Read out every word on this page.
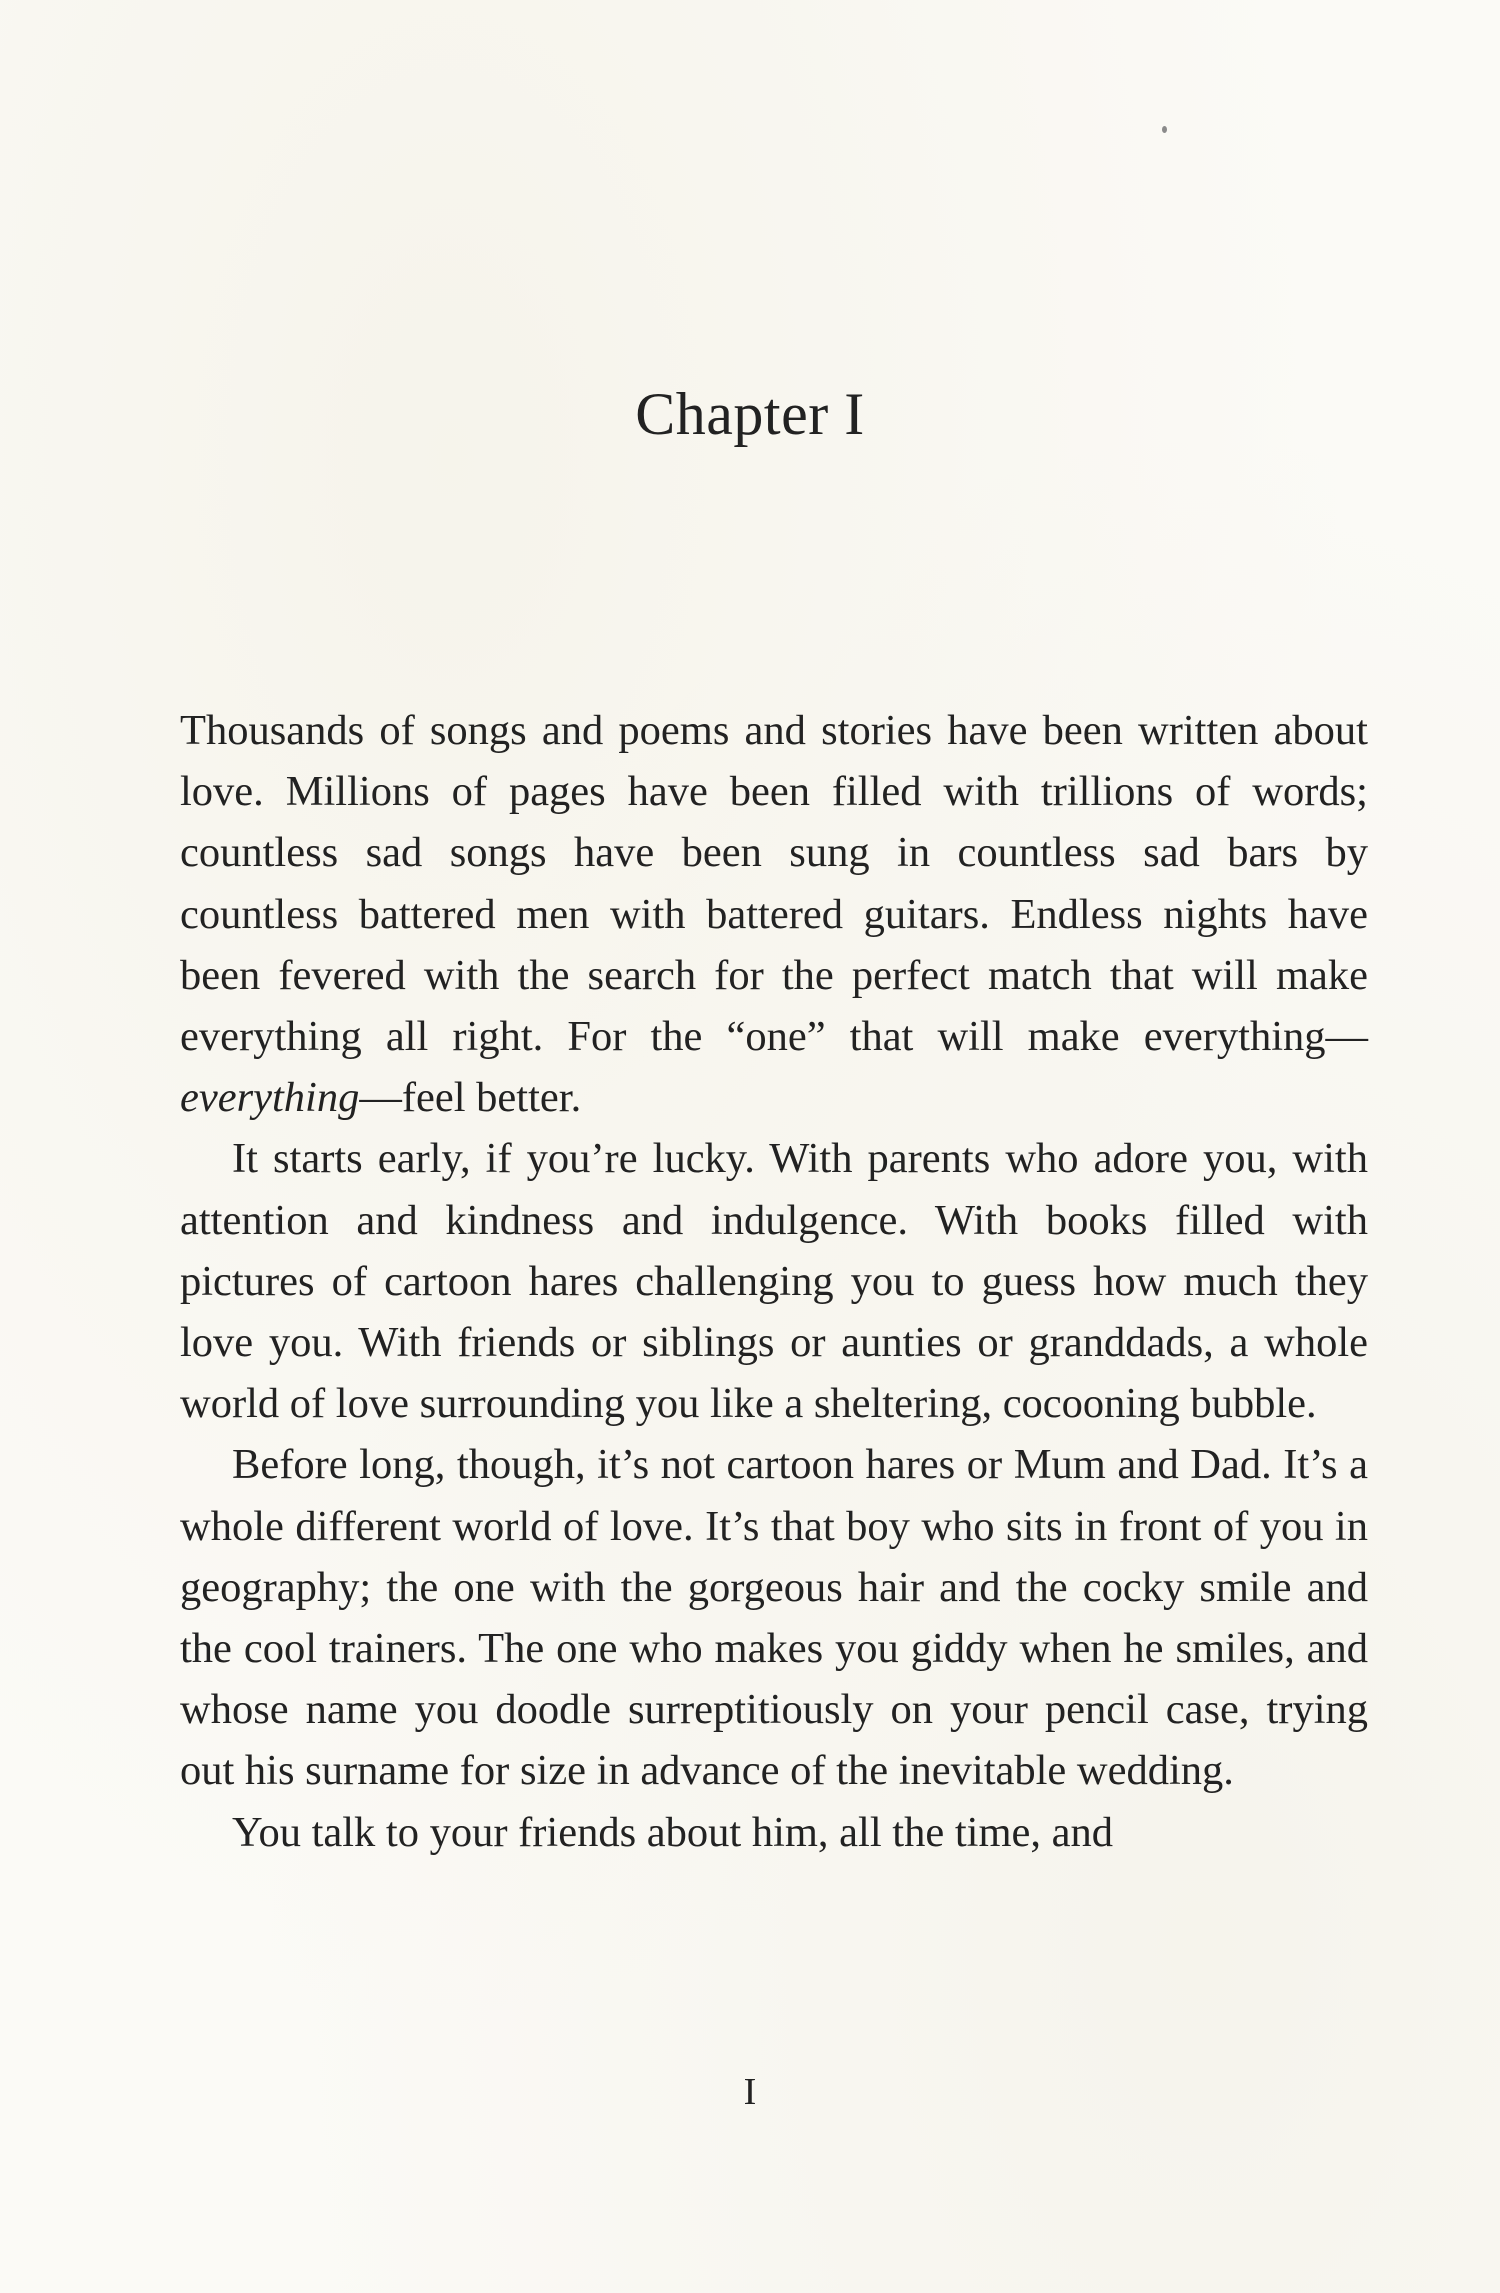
Chapter I

Thousands of songs and poems and stories have been written about love. Millions of pages have been filled with trillions of words; countless sad songs have been sung in countless sad bars by countless battered men with battered guitars. Endless nights have been fevered with the search for the perfect match that will make everything all right. For the “one” that will make everything—everything—feel better.

It starts early, if you’re lucky. With parents who adore you, with attention and kindness and indulgence. With books filled with pictures of cartoon hares challenging you to guess how much they love you. With friends or siblings or aunties or granddads, a whole world of love surrounding you like a sheltering, cocooning bubble.

Before long, though, it’s not cartoon hares or Mum and Dad. It’s a whole different world of love. It’s that boy who sits in front of you in geography; the one with the gorgeous hair and the cocky smile and the cool trainers. The one who makes you giddy when he smiles, and whose name you doodle surreptitiously on your pencil case, trying out his surname for size in advance of the inevitable wedding.

You talk to your friends about him, all the time, and

I
